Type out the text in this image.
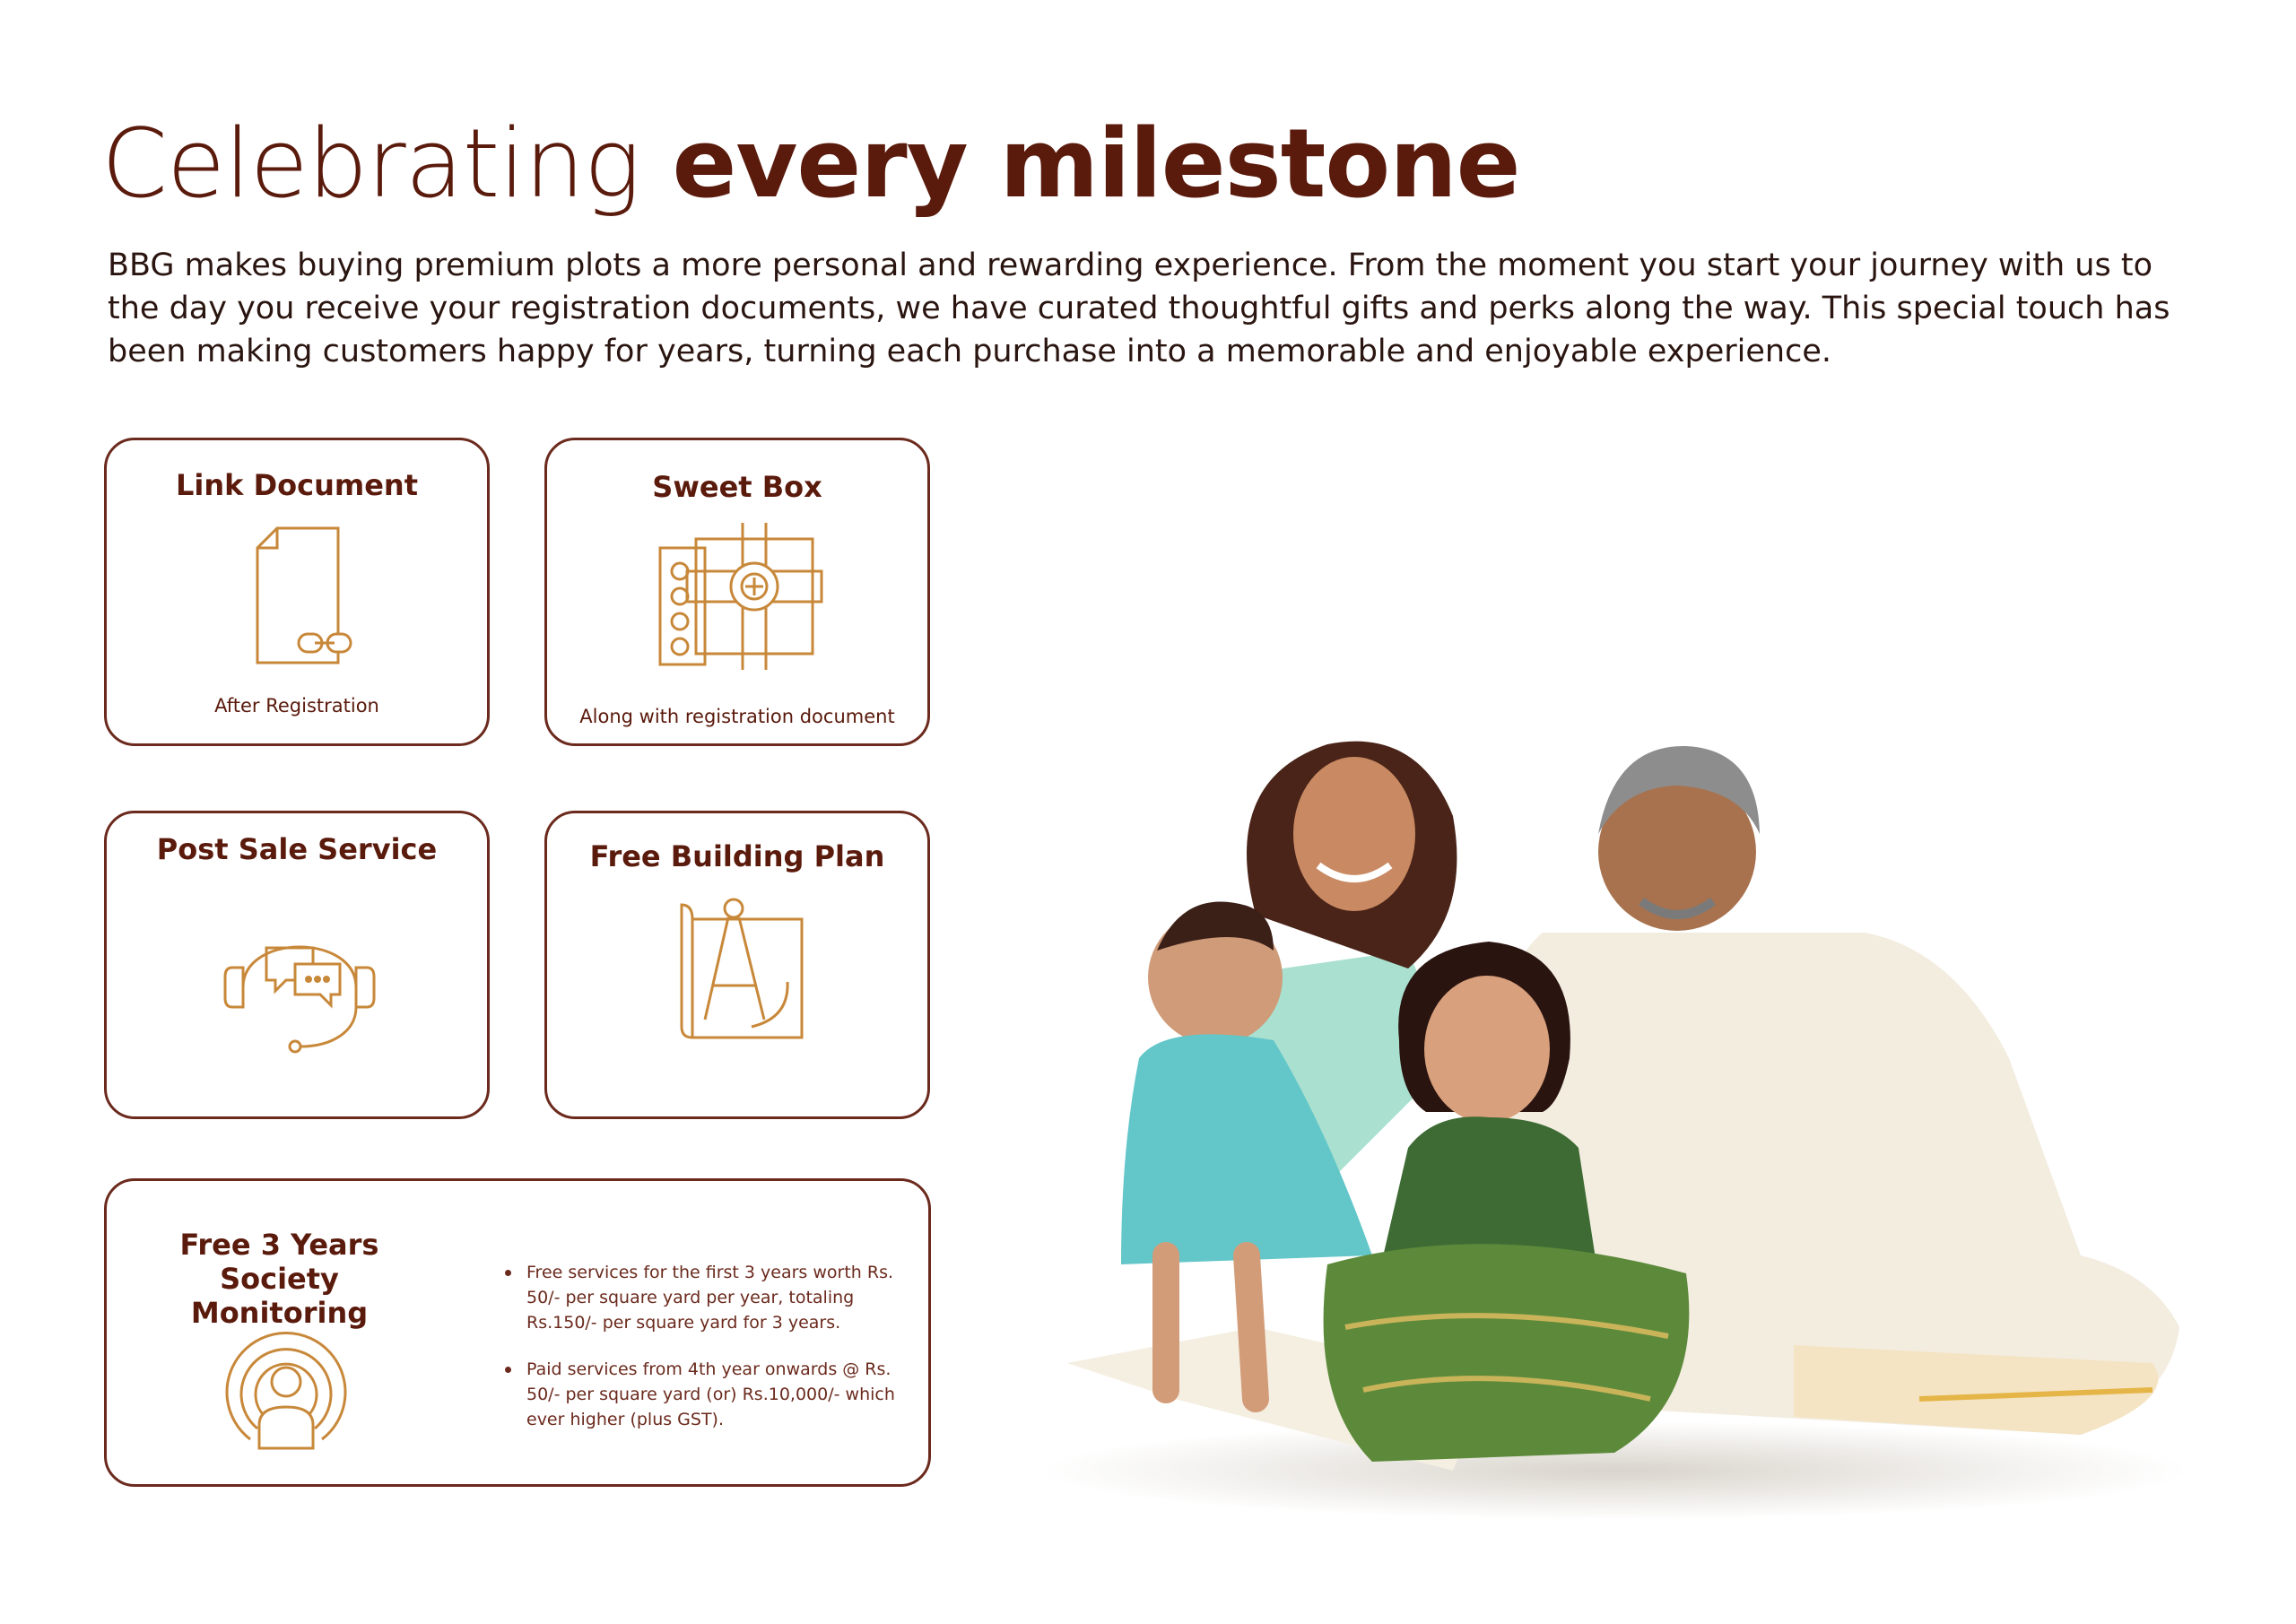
Celebrating every milestone

BBG makes buying premium plots a more personal and rewarding experience. From the moment you start your journey with us to the day you receive your registration documents, we have curated thoughtful gifts and perks along the way. This special touch has been making customers happy for years, turning each purchase into a memorable and enjoyable experience.

Link Document
After Registration
Sweet Box
Along with registration document
Post Sale Service	Free Building Plan
Free 3 Years
Society Monitoring
Free services for the first 3 years worth Rs. 50/- per square yard per year, totaling Rs.150/- per square yard for 3 years.
Paid services from 4th year onwards @ Rs. 50/- per square yard (or) Rs.10,000/- which ever higher (plus GST).
